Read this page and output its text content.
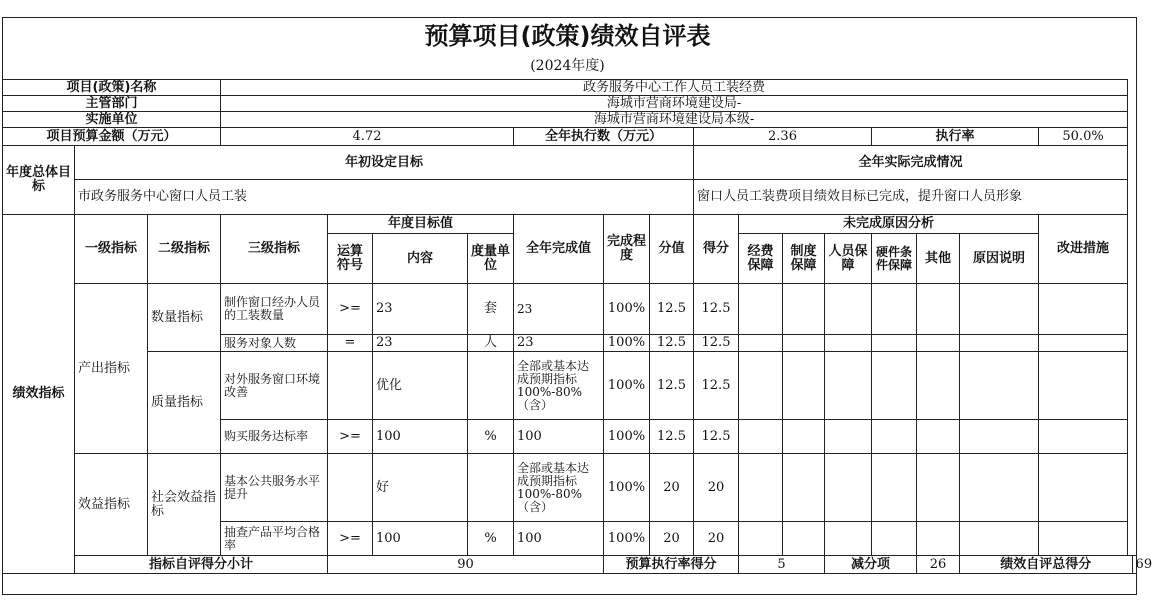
预算项目(政策)绩效自评表
(2024年度)
项目(政策)名称			政务服务中心工作人员工装经费															
主管部门			海城市营商环境建设局-															
实施单位			海城市营商环境建设局本级-															
项目预算金额（万元）			4.72				全年执行数（万元）			2.36				执行率			50.0%	
年度总体目标	年初设定目标									全年实际完成情况								
	市政务服务中心窗口人员工装									窗口人员工装费项目绩效目标已完成，提升窗口人员形象								
绩效指标	一级指标	二级指标	三级指标	年度目标值			全年完成值	完成程度	分值	得分	未完成原因分析						改进措施	
				运算符号	内容	度量单位					经费保障	制度保障	人员保障	硬件条件保障	其他	原因说明		
	产出指标	数量指标	制作窗口经办人员的工装数量	>=	23	套	23	100%	12.5	12.5								
			服务对象人数	=	23	人	23	100%	12.5	12.5								
		质量指标	对外服务窗口环境改善		优化		全部或基本达成预期指标100%-80%（含）	100%	12.5	12.5								
			购买服务达标率	>=	100	%	100	100%	12.5	12.5								
	效益指标	社会效益指标	基本公共服务水平提升		好		全部或基本达成预期指标100%-80%（含）	100%	20	20								
			抽查产品平均合格率	>=	100	%	100	100%	20	20								
	指标自评得分小计			90				预算执行率得分			5		减分项		26	绩效自评总得分		69
